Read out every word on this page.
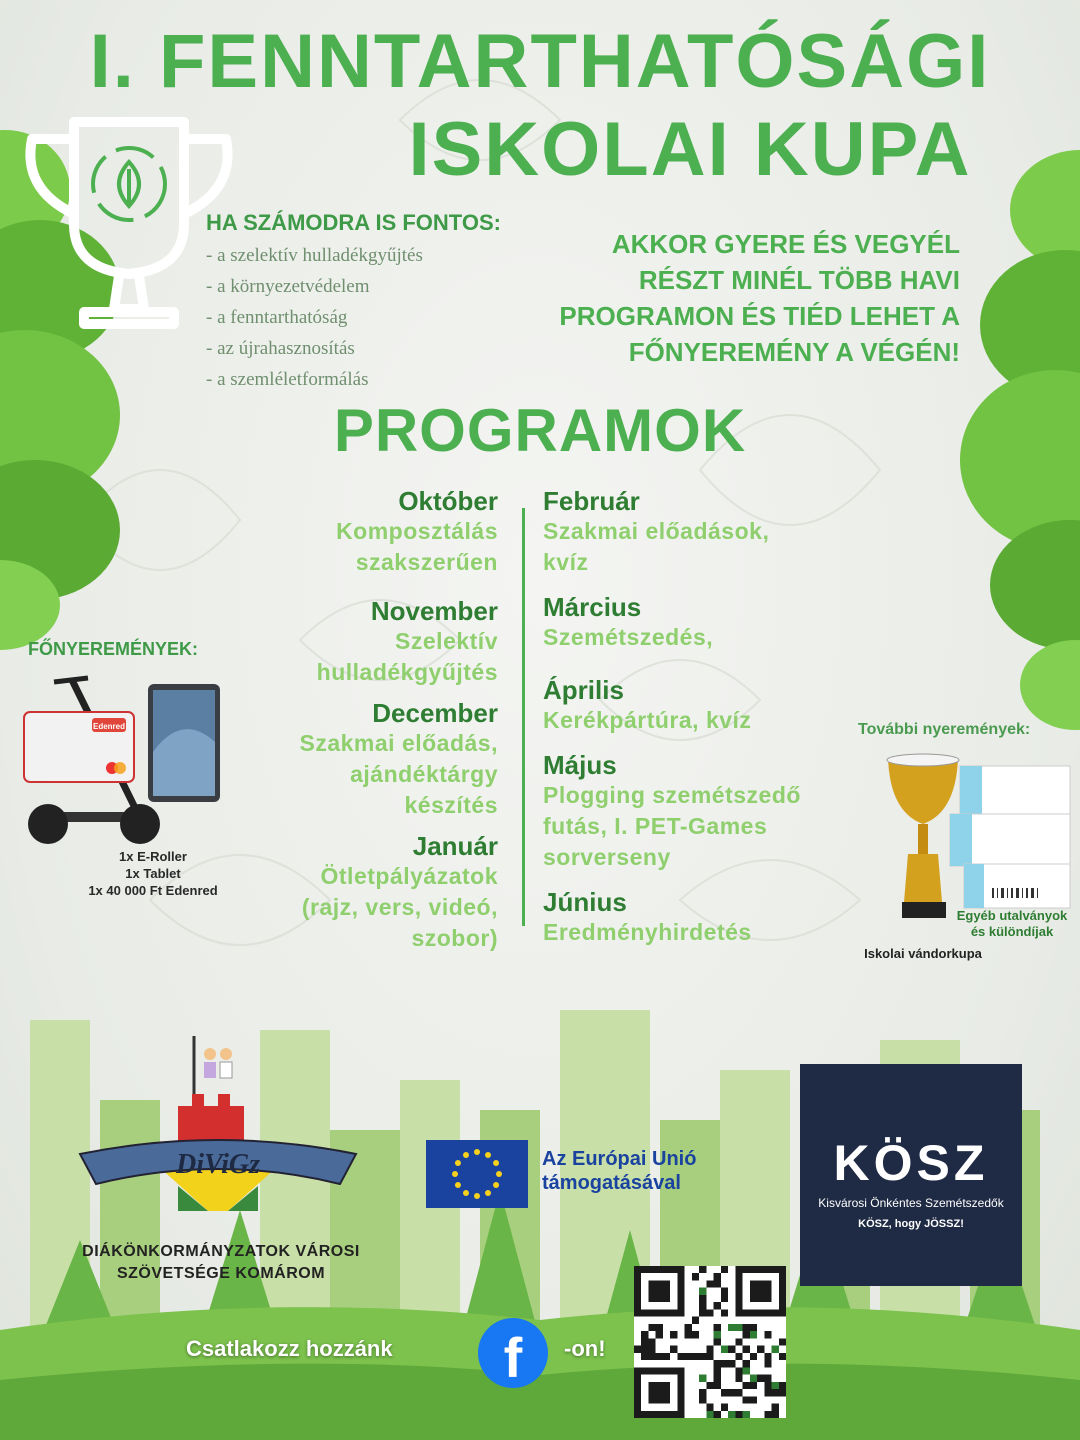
I. FENNTARTHATÓSÁGI
ISKOLAI KUPA
HA SZÁMODRA IS FONTOS:
- a szelektív hulladékgyűjtés
- a környezetvédelem
- a fenntarthatóság
- az újrahasznosítás
- a szemléletformálás
AKKOR GYERE ÉS VEGYÉL
RÉSZT MINÉL TÖBB HAVI
PROGRAMON ÉS TIÉD LEHET A
FŐNYEREMÉNY A VÉGÉN!
PROGRAMOK
Október
Komposztálás
szakszerűen
November
Szelektív
hulladékgyűjtés
December
Szakmai előadás,
ajándéktárgy
készítés
Január
Ötletpályázatok
(rajz, vers, videó,
szobor)
Február
Szakmai előadások,
kvíz
Március
Szemétszedés,
Április
Kerékpártúra, kvíz
Május
Plogging szemétszedő
futás, I. PET-Games
sorverseny
Június
Eredményhirdetés
FŐNYEREMÉNYEK:
Edenred
1x E-Roller
1x Tablet
1x 40 000 Ft Edenred
További nyeremények:
Egyéb utalványok
és különdíjak
Iskolai vándorkupa
DiViGz
DIÁKÖNKORMÁNYZATOK VÁROSI
SZÖVETSÉGE KOMÁROM
Az Európai Unió
támogatásával	KÖSZ
Kisvárosi Önkéntes Szemétszedők
KÖSZ, hogy JÖSSZ!
Csatlakozz hozzánk	f	-on!
